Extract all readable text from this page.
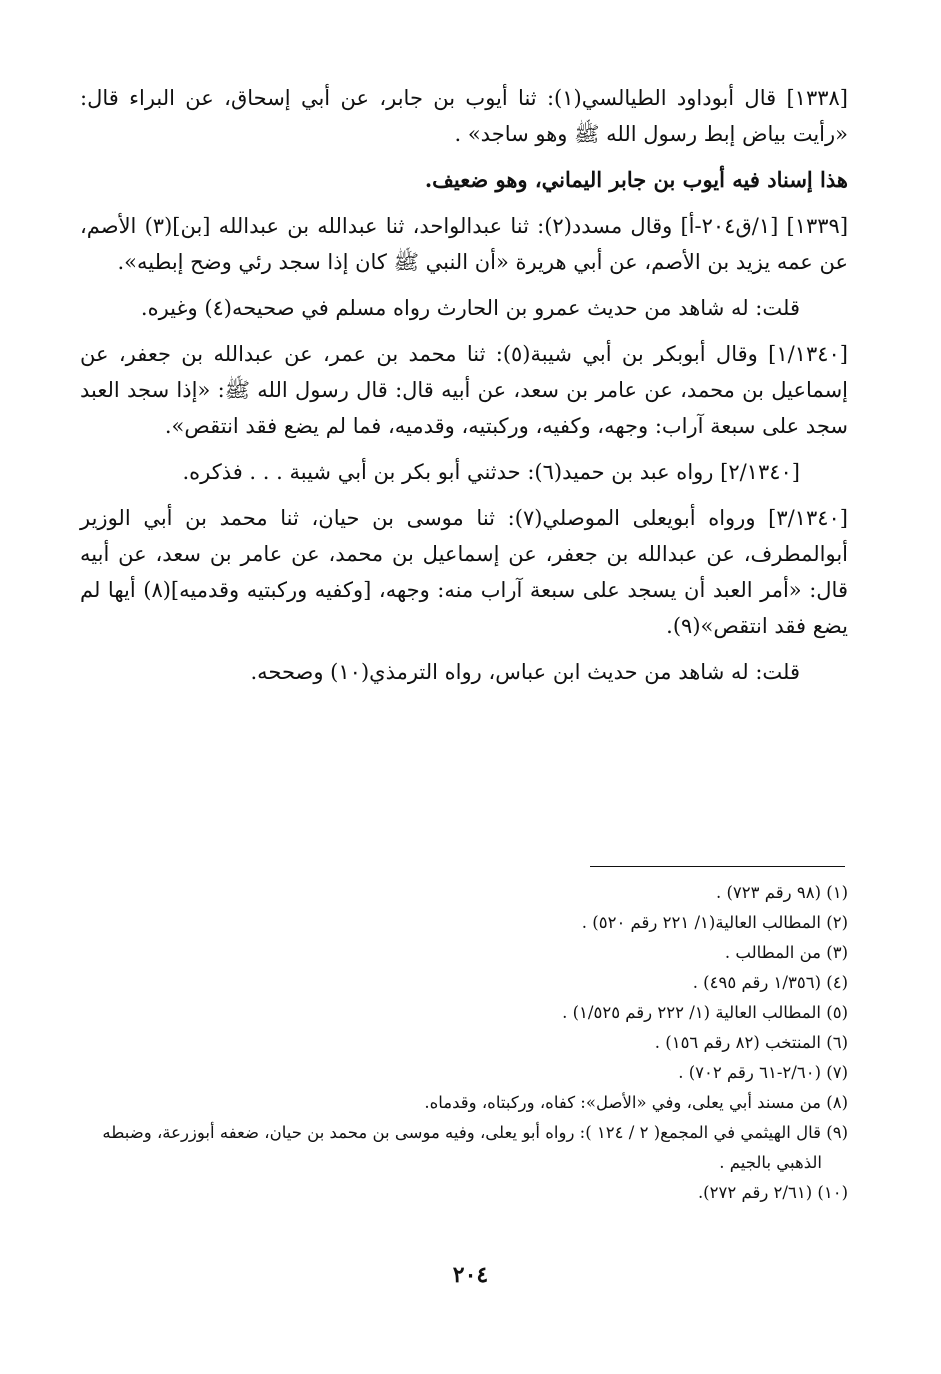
[١٣٣٨] قال أبوداود الطيالسي(١): ثنا أيوب بن جابر، عن أبي إسحاق، عن البراء قال: «رأيت بياض إبط رسول الله ﷺ وهو ساجد» .

هذا إسناد فيه أيوب بن جابر اليماني، وهو ضعيف.

[١٣٣٩] [١/ق٢٠٤-أ] وقال مسدد(٢): ثنا عبدالواحد، ثنا عبدالله بن عبدالله [بن](٣) الأصم، عن عمه يزيد بن الأصم، عن أبي هريرة «أن النبي ﷺ كان إذا سجد رئي وضح إبطيه».

قلت: له شاهد من حديث عمرو بن الحارث رواه مسلم في صحيحه(٤) وغيره.

[١/١٣٤٠] وقال أبوبكر بن أبي شيبة(٥): ثنا محمد بن عمر، عن عبدالله بن جعفر، عن إسماعيل بن محمد، عن عامر بن سعد، عن أبيه قال: قال رسول الله ﷺ: «إذا سجد العبد سجد على سبعة آراب: وجهه، وكفيه، وركبتيه، وقدميه، فما لم يضع فقد انتقص».

[٢/١٣٤٠] رواه عبد بن حميد(٦): حدثني أبو بكر بن أبي شيبة . . . فذكره.

[٣/١٣٤٠] ورواه أبويعلى الموصلي(٧): ثنا موسى بن حيان، ثنا محمد بن أبي الوزير أبوالمطرف، عن عبدالله بن جعفر، عن إسماعيل بن محمد، عن عامر بن سعد، عن أبيه قال: «أمر العبد أن يسجد على سبعة آراب منه: وجهه، [وكفيه وركبتيه وقدميه](٨) أيها لم يضع فقد انتقص»(٩).

قلت: له شاهد من حديث ابن عباس، رواه الترمذي(١٠) وصححه.

(١) (٩٨ رقم ٧٢٣) .
(٢) المطالب العالية(١/ ٢٢١ رقم ٥٢٠) .
(٣) من المطالب .
(٤) (١/٣٥٦ رقم ٤٩٥) .
(٥) المطالب العالية (١/ ٢٢٢ رقم ١/٥٢٥) .
(٦) المنتخب (٨٢ رقم ١٥٦) .
(٧) (٢/٦٠-٦١ رقم ٧٠٢) .
(٨) من مسند أبي يعلى، وفي «الأصل»: كفاه، وركبتاه، وقدماه.
(٩) قال الهيثمي في المجمع( ٢ / ١٢٤ ): رواه أبو يعلى، وفيه موسى بن محمد بن حيان، ضعفه أبوزرعة، وضبطه الذهبي بالجيم .
(١٠) (٢/٦١ رقم ٢٧٢).
٢٠٤
